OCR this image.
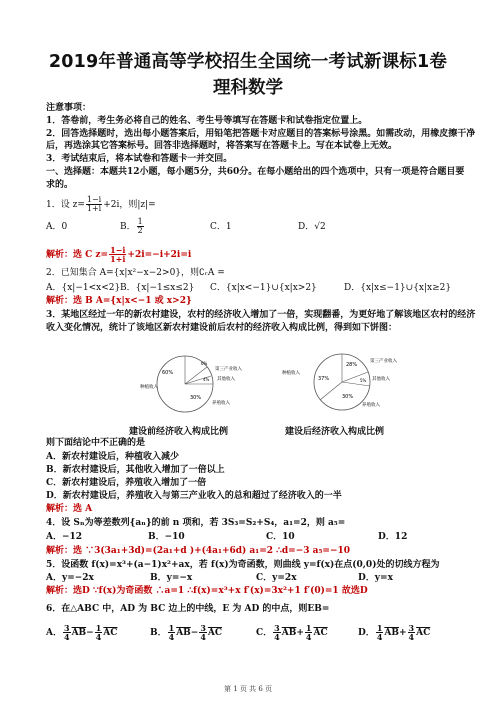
2019年普通高等学校招生全国统一考试新课标1卷
理科数学
注意事项：
1．答卷前，考生务必将自己的姓名、考生号等填写在答题卡和试卷指定位置上。
2．回答选择题时，选出每小题答案后，用铅笔把答题卡对应题目的答案标号涂黑。如需改动，用橡皮擦干净
后，再选涂其它答案标号。回答非选择题时，将答案写在答题卡上。写在本试卷上无效。
3．考试结束后，将本试卷和答题卡一并交回。
一、选择题：本题共12小题，每小题5分，共60分。在每小题给出的四个选项中，只有一项是符合题目要
求的。
1．设 $z= \frac{1-i}{1+i} +2i$，则|z|=
A．0	B． $\frac{1}{2}$	C．1	D．√2
解析：选 C $z= \frac{1-i}{1+i} +2i=-i+2i=i$
2．已知集合 A={x|x²−x−2>0}，则∁ᵣA =
A．{x|−1<x<2} B．{x|−1≤x≤2} C．{x|x<−1}∪{x|x>2}	D．{x|x≤−1}∪{x|x≥2}
解析：选 B A={x|x<−1 或 x>2}
3．某地区经过一年的新农村建设，农村的经济收入增加了一倍，实现翻番，为更好地了解该地区农村的经济
收入变化情况，统计了该地区新农村建设前后农村的经济收入构成比例，得到如下饼图：
60%
6%
4%
30%
种植收入
第三产业收入
其他收入
养殖收入
28%
37%	5%
30%
种植收入
第三产业收入
其他收入
养殖收入
建设前经济收入构成比例	建设后经济收入构成比例
则下面结论中不正确的是
A．新农村建设后，种植收入减少
B．新农村建设后，其他收入增加了一倍以上
C．新农村建设后，养殖收入增加了一倍
D．新农村建设后，养殖收入与第三产业收入的总和超过了经济收入的一半
解析：选 A
4．设 Sₙ为等差数列{aₙ}的前 n 项和，若 3S₃=S₂+S₄，a₁=2，则 a₅=
A．−12	B．−10	C．10	D．12
解析：选 ∵3(3a₁+3d)=(2a₁+d )+(4a₁+6d) a₁=2 ∴d=−3 a₅=−10
5．设函数 f(x)=x³+(a−1)x²+ax，若 f(x)为奇函数，则曲线 y=f(x)在点(0,0)处的切线方程为
A．y=−2x	B．y=−x	C．y=2x	D．y=x
解析：选D ∵f(x)为奇函数 ∴a=1 ∴f(x)=x³+x f′(x)=3x²+1 f′(0)=1 故选D
6．在△ABC 中，AD 为 BC 边上的中线，E 为 AD 的中点，则EB=
A． $\frac{3}{4} \overline{AB}- \frac{1}{4} \overline{AC}$	B． $\frac{1}{4} \overline{AB}- \frac{3}{4} \overline{AC}$	C． $\frac{3}{4} \overline{AB}+ \frac{1}{4} \overline{AC}$	D． $\frac{1}{4} \overline{AB}+ \frac{3}{4} \overline{AC}$
第 1 页 共 6 页
